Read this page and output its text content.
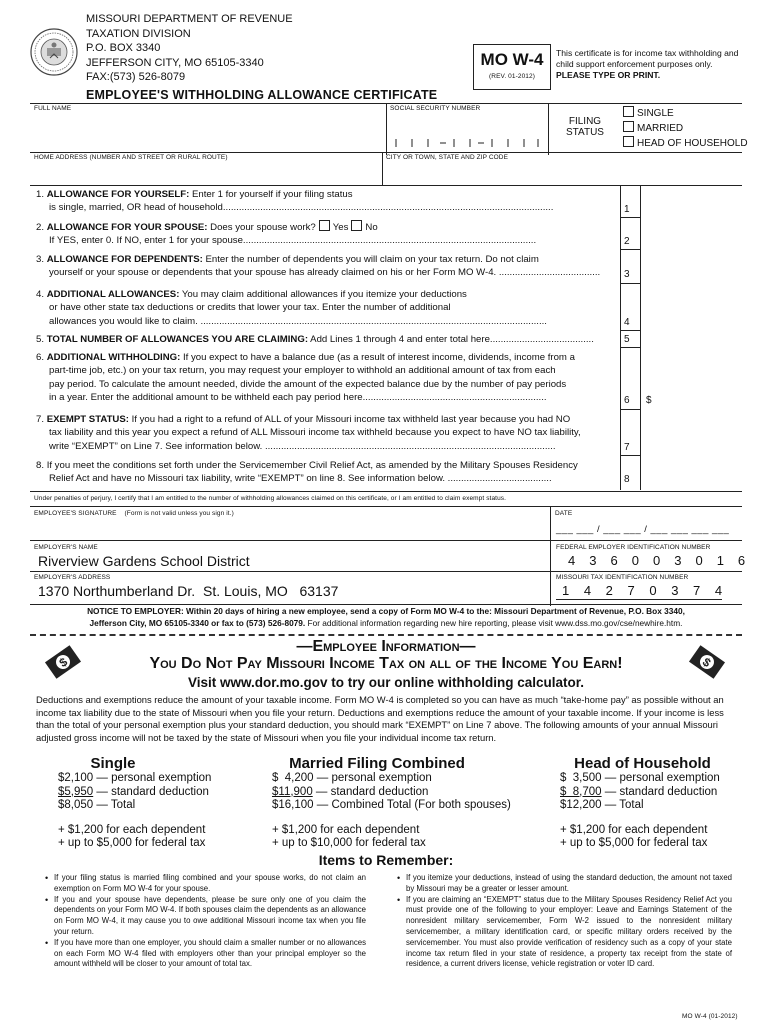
MISSOURI DEPARTMENT OF REVENUE
TAXATION DIVISION
P.O. BOX 3340
JEFFERSON CITY, MO 65105-3340
FAX:(573) 526-8079
EMPLOYEE'S WITHHOLDING ALLOWANCE CERTIFICATE
MO W-4
(REV. 01-2012)
This certificate is for income tax withholding and child support enforcement purposes only. PLEASE TYPE OR PRINT.
FULL NAME	SOCIAL SECURITY NUMBER
FILING
STATUS
SINGLE
MARRIED
HEAD OF HOUSEHOLD
HOME ADDRESS (NUMBER AND STREET OR RURAL ROUTE)	CITY OR TOWN, STATE AND ZIP CODE
1. ALLOWANCE FOR YOURSELF: Enter 1 for yourself if your filing status
is single, married, OR head of household............................................................................................................................	1
2. ALLOWANCE FOR YOUR SPOUSE: Does your spouse work? Yes No
If YES, enter 0. If NO, enter 1 for your spouse..............................................................................................................	2
3. ALLOWANCE FOR DEPENDENTS: Enter the number of dependents you will claim on your tax return. Do not claim
yourself or your spouse or dependents that your spouse has already claimed on his or her Form MO W-4. ......................................	3
4. ADDITIONAL ALLOWANCES: You may claim additional allowances if you itemize your deductions
or have other state tax deductions or credits that lower your tax. Enter the number of additional
allowances you would like to claim. ..................................................................................................................................	4
5. TOTAL NUMBER OF ALLOWANCES YOU ARE CLAIMING: Add Lines 1 through 4 and enter total here.......................................	5
6. ADDITIONAL WITHHOLDING: If you expect to have a balance due (as a result of interest income, dividends, income from a
part-time job, etc.) on your tax return, you may request your employer to withhold an additional amount of tax from each
pay period. To calculate the amount needed, divide the amount of the expected balance due by the number of pay periods
in a year. Enter the additional amount to be withheld each pay period here.....................................................................	6 $
7. EXEMPT STATUS: If you had a right to a refund of ALL of your Missouri income tax withheld last year because you had NO
tax liability and this year you expect a refund of ALL Missouri income tax withheld because you expect to have NO tax liability,
write “EXEMPT” on Line 7. See information below. .............................................................................................................	7
8. If you meet the conditions set forth under the Servicemember Civil Relief Act, as amended by the Military Spouses Residency
Relief Act and have no Missouri tax liability, write “EXEMPT” on line 8. See information below. .......................................	8
Under penalties of perjury, I certify that I am entitled to the number of withholding allowances claimed on this certificate, or I am entitled to claim exempt status.
EMPLOYEE'S SIGNATURE (Form is not valid unless you sign it.)	DATE
___ ___ / ___ ___ / ___ ___ ___ ___
EMPLOYER'S NAME
Riverview Gardens School District
FEDERAL EMPLOYER IDENTIFICATION NUMBER
4 3 6 0 0 3 0 1 6
EMPLOYER'S ADDRESS
1370 Northumberland Dr.  St. Louis, MO   63137
MISSOURI TAX IDENTIFICATION NUMBER
1 4 2 7 0 3 7 4
NOTICE TO EMPLOYER: Within 20 days of hiring a new employee, send a copy of Form MO W-4 to the: Missouri Department of Revenue, P.O. Box 3340,
Jefferson City, MO 65105-3340 or fax to (573) 526-8079. For additional information regarding new hire reporting, please visit www.dss.mo.gov/cse/newhire.htm.
$	$
—Employee Information—
You Do Not Pay Missouri Income Tax on all of the Income You Earn!
Visit www.dor.mo.gov to try our online withholding calculator.
Deductions and exemptions reduce the amount of your taxable income. Form MO W-4 is completed so you can have as much “take-home pay” as possible without an income tax liability due to the state of Missouri when you file your return. Deductions and exemptions reduce the amount of your taxable income. If your income is less than the total of your personal exemption plus your standard deduction, you should mark “EXEMPT” on Line 7 above. The following amounts of your annual Missouri adjusted gross income will not be taxed by the state of Missouri when you file your individual income tax return.
Single
$2,100 — personal exemption
$5,950 — standard deduction
$8,050 — Total
+ $1,200 for each dependent
+ up to $5,000 for federal tax
Married Filing Combined
$  4,200 — personal exemption
$11,900 — standard deduction
$16,100 — Combined Total (For both spouses)
+ $1,200 for each dependent
+ up to $10,000 for federal tax
Head of Household
$  3,500 — personal exemption
$  8,700 — standard deduction
$12,200 — Total
+ $1,200 for each dependent
+ up to $5,000 for federal tax
Items to Remember:
• If your filing status is married filing combined and your spouse works, do not claim an exemption on Form MO W-4 for your spouse.
• If you and your spouse have dependents, please be sure only one of you claim the dependents on your Form MO W-4. If both spouses claim the dependents as an allowance on Form MO W-4, it may cause you to owe additional Missouri income tax when you file your return.
• If you have more than one employer, you should claim a smaller number or no allowances on each Form MO W-4 filed with employers other than your principal employer so the amount withheld will be closer to your amount of total tax.
• If you itemize your deductions, instead of using the standard deduction, the amount not taxed by Missouri may be a greater or lesser amount.
• If you are claiming an “EXEMPT” status due to the Military Spouses Residency Relief Act you must provide one of the following to your employer: Leave and Earnings Statement of the nonresident military servicemember, Form W-2 issued to the nonresident military servicemember, a military identification card, or specific military orders received by the servicemember. You must also provide verification of residency such as a copy of your state income tax return filed in your state of residence, a property tax receipt from the state of residence, a current drivers license, vehicle registration or voter ID card.
MO W-4 (01-2012)
